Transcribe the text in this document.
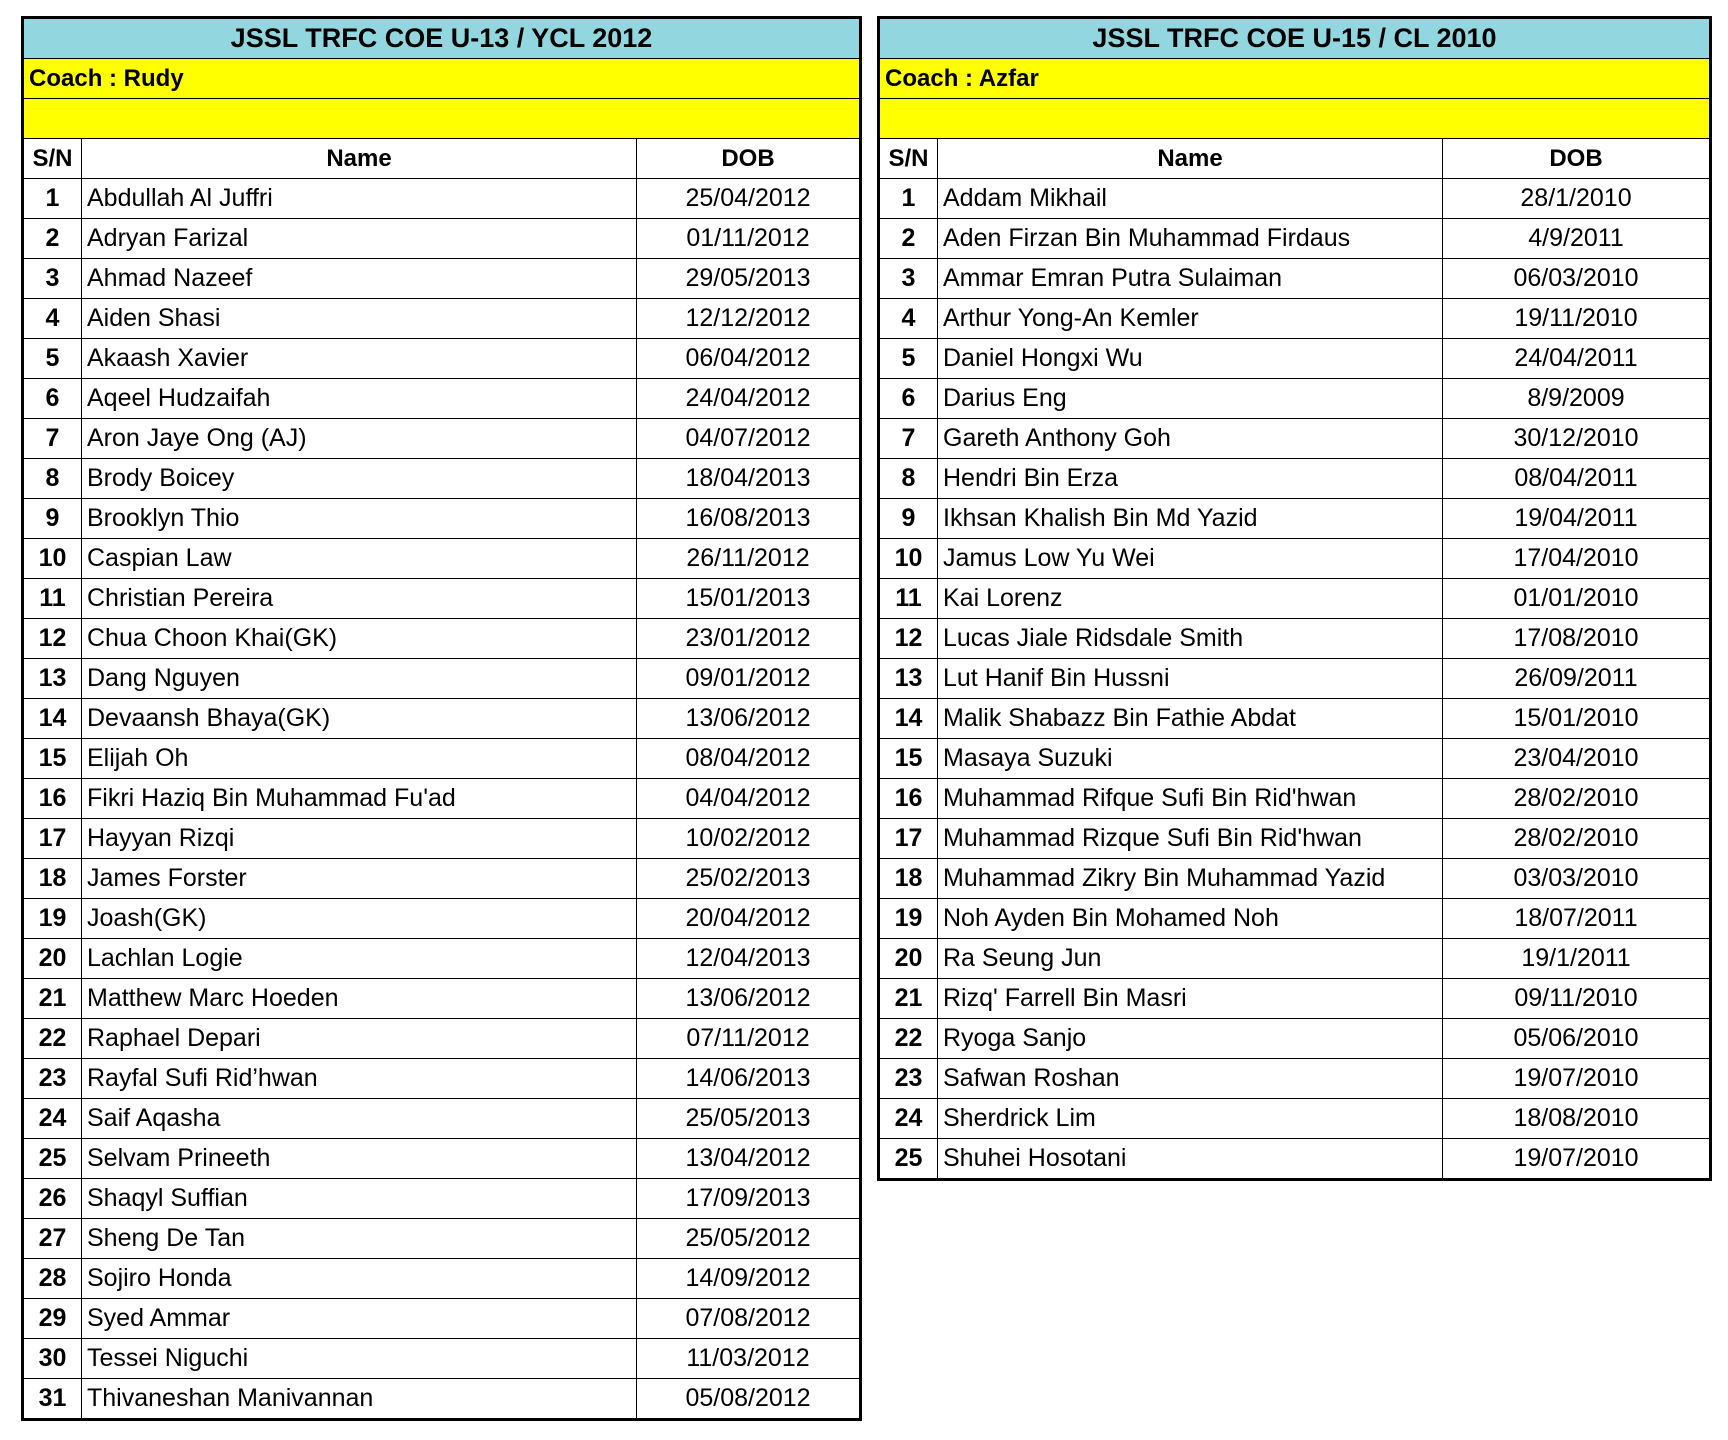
JSSL TRFC COE U-13 / YCL 2012		
Coach : Rudy		

S/N	Name	DOB
1	Abdullah Al Juffri	25/04/2012
2	Adryan Farizal	01/11/2012
3	Ahmad Nazeef	29/05/2013
4	Aiden Shasi	12/12/2012
5	Akaash Xavier	06/04/2012
6	Aqeel Hudzaifah	24/04/2012
7	Aron Jaye Ong (AJ)	04/07/2012
8	Brody Boicey	18/04/2013
9	Brooklyn Thio	16/08/2013
10	Caspian Law	26/11/2012
11	Christian Pereira	15/01/2013
12	Chua Choon Khai(GK)	23/01/2012
13	Dang Nguyen	09/01/2012
14	Devaansh Bhaya(GK)	13/06/2012
15	Elijah Oh	08/04/2012
16	Fikri Haziq Bin Muhammad Fu'ad	04/04/2012
17	Hayyan Rizqi	10/02/2012
18	James Forster	25/02/2013
19	Joash(GK)	20/04/2012
20	Lachlan Logie	12/04/2013
21	Matthew Marc Hoeden	13/06/2012
22	Raphael Depari	07/11/2012
23	Rayfal Sufi Rid’hwan	14/06/2013
24	Saif Aqasha	25/05/2013
25	Selvam Prineeth	13/04/2012
26	Shaqyl Suffian	17/09/2013
27	Sheng De Tan	25/05/2012
28	Sojiro Honda	14/09/2012
29	Syed Ammar	07/08/2012
30	Tessei Niguchi	11/03/2012
31	Thivaneshan Manivannan	05/08/2012
JSSL TRFC COE U-15 / CL 2010		
Coach : Azfar		

S/N	Name	DOB
1	Addam Mikhail	28/1/2010
2	Aden Firzan Bin Muhammad Firdaus	4/9/2011
3	Ammar Emran Putra Sulaiman	06/03/2010
4	Arthur Yong-An Kemler	19/11/2010
5	Daniel Hongxi Wu	24/04/2011
6	Darius Eng	8/9/2009
7	Gareth Anthony Goh	30/12/2010
8	Hendri Bin Erza	08/04/2011
9	Ikhsan Khalish Bin Md Yazid	19/04/2011
10	Jamus Low Yu Wei	17/04/2010
11	Kai Lorenz	01/01/2010
12	Lucas Jiale Ridsdale Smith	17/08/2010
13	Lut Hanif Bin Hussni	26/09/2011
14	Malik Shabazz Bin Fathie Abdat	15/01/2010
15	Masaya Suzuki	23/04/2010
16	Muhammad Rifque Sufi Bin Rid'hwan	28/02/2010
17	Muhammad Rizque Sufi Bin Rid'hwan	28/02/2010
18	Muhammad Zikry Bin Muhammad Yazid	03/03/2010
19	Noh Ayden Bin Mohamed Noh	18/07/2011
20	Ra Seung Jun	19/1/2011
21	Rizq' Farrell Bin Masri	09/11/2010
22	Ryoga Sanjo	05/06/2010
23	Safwan Roshan	19/07/2010
24	Sherdrick Lim	18/08/2010
25	Shuhei Hosotani	19/07/2010
